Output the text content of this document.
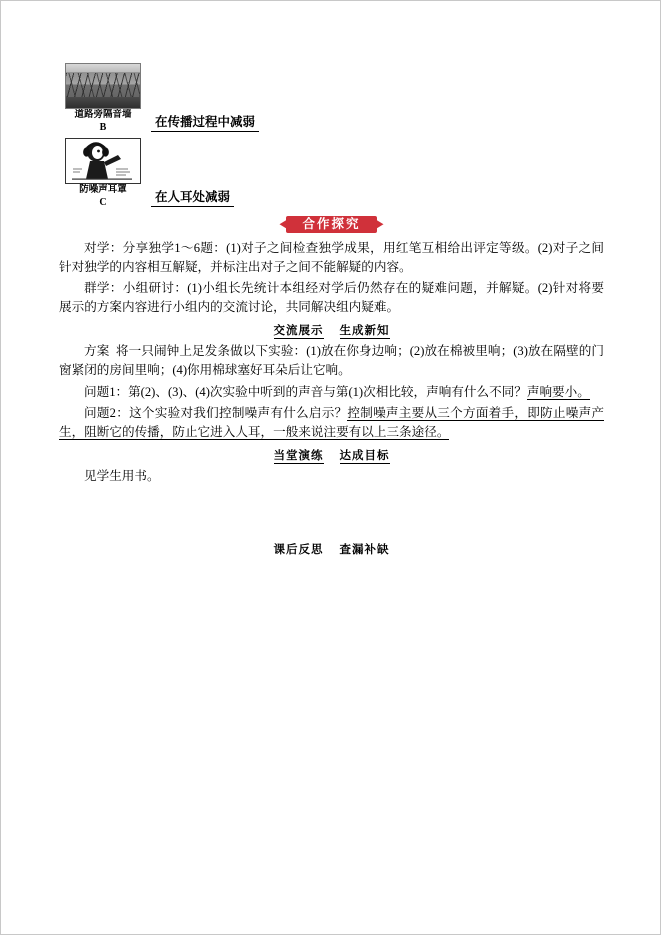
道路旁隔音墙
B	在传播过程中减弱
防噪声耳罩
C	在人耳处减弱
合作探究

对学：分享独学1～6题：(1)对子之间检查独学成果，用红笔互相给出评定等级。(2)对子之间针对独学的内容相互解疑，并标注出对子之间不能解疑的内容。

群学：小组研讨：(1)小组长先统计本组经对学后仍然存在的疑难问题，并解疑。(2)针对将要展示的方案内容进行小组内的交流讨论，共同解决组内疑难。

交流展示 生成新知

方案 将一只闹钟上足发条做以下实验：(1)放在你身边响；(2)放在棉被里响；(3)放在隔壁的门窗紧闭的房间里响；(4)你用棉球塞好耳朵后让它响。

问题1：第(2)、(3)、(4)次实验中听到的声音与第(1)次相比较，声响有什么不同？声响要小。

问题2：这个实验对我们控制噪声有什么启示？控制噪声主要从三个方面着手，即防止噪声产生，阻断它的传播，防止它进入人耳，一般来说注要有以上三条途径。

当堂演练 达成目标

见学生用书。

课后反思 查漏补缺
